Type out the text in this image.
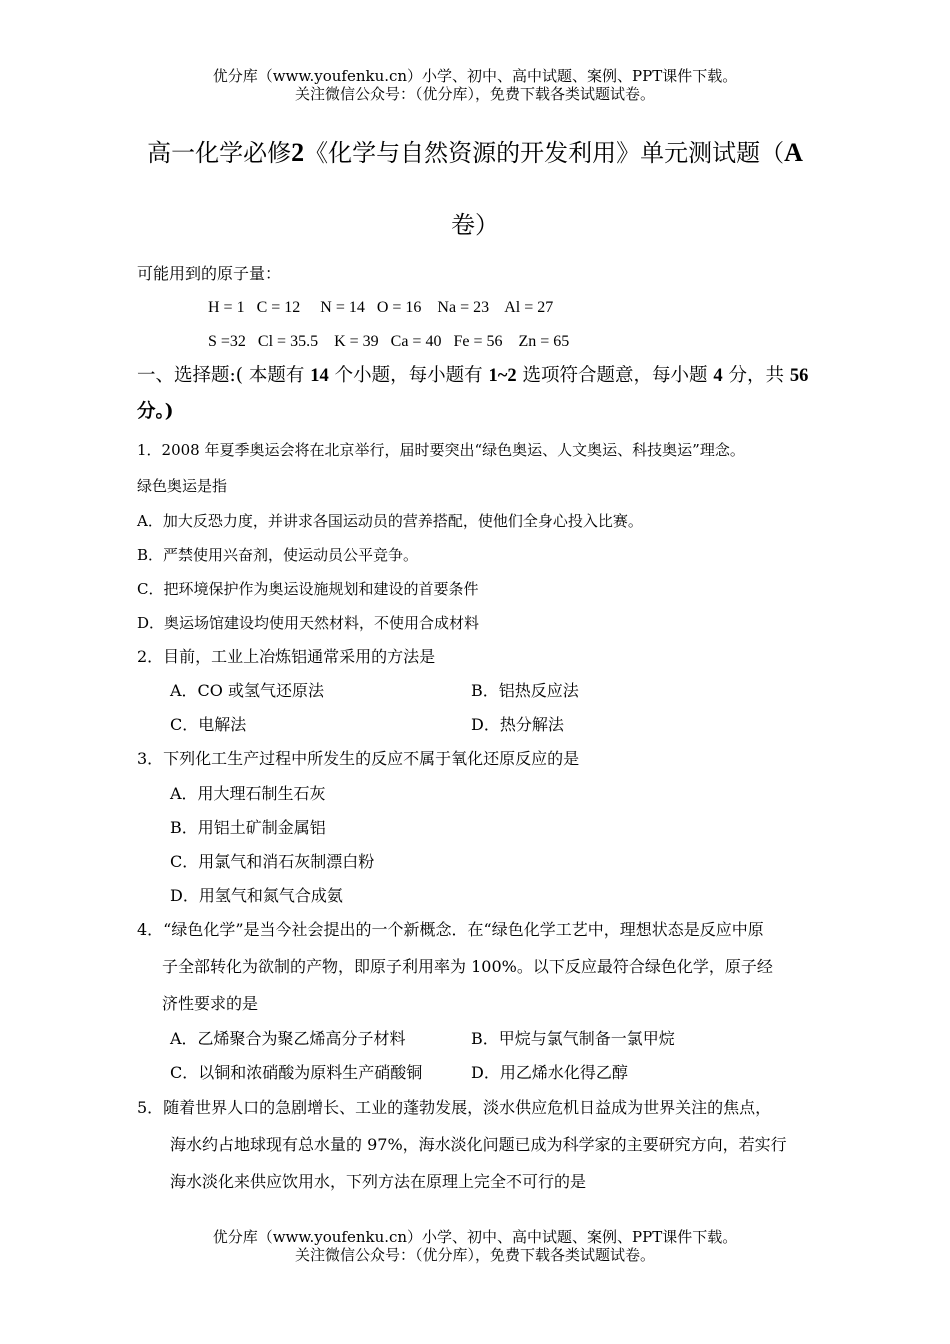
优分库（www.youfenku.cn）小学、初中、高中试题、案例、PPT课件下载。
关注微信公众号：（优分库），免费下载各类试题试卷。
高一化学必修2《化学与自然资源的开发利用》单元测试题（A
卷）
可能用到的原子量：
H = 1   C = 12     N = 14   O = 16    Na = 23    Al = 27
S =32   Cl = 35.5    K = 39   Ca = 40   Fe = 56    Zn = 65
一、选择题:( 本题有 14 个小题，每小题有 1~2 选项符合题意，每小题 4 分，共 56
分。)
1．2008 年夏季奥运会将在北京举行，届时要突出“绿色奥运、人文奥运、科技奥运”理念。
绿色奥运是指
A．加大反恐力度，并讲求各国运动员的营养搭配，使他们全身心投入比赛。
B．严禁使用兴奋剂，使运动员公平竞争。
C．把环境保护作为奥运设施规划和建设的首要条件
D．奥运场馆建设均使用天然材料，不使用合成材料
2．目前，工业上冶炼铝通常采用的方法是
A．CO 或氢气还原法	B．铝热反应法
C．电解法	D．热分解法
3．下列化工生产过程中所发生的反应不属于氧化还原反应的是
A．用大理石制生石灰
B．用铝土矿制金属铝
C．用氯气和消石灰制漂白粉
D．用氢气和氮气合成氨
4．“绿色化学”是当今社会提出的一个新概念．在“绿色化学工艺中，理想状态是反应中原
子全部转化为欲制的产物，即原子利用率为 100%。以下反应最符合绿色化学，原子经
济性要求的是
A．乙烯聚合为聚乙烯高分子材料	B．甲烷与氯气制备一氯甲烷
C．以铜和浓硝酸为原料生产硝酸铜	D．用乙烯水化得乙醇
5．随着世界人口的急剧增长、工业的蓬勃发展，淡水供应危机日益成为世界关注的焦点，
海水约占地球现有总水量的 97%，海水淡化问题已成为科学家的主要研究方向，若实行
海水淡化来供应饮用水，下列方法在原理上完全不可行的是
优分库（www.youfenku.cn）小学、初中、高中试题、案例、PPT课件下载。
关注微信公众号：（优分库），免费下载各类试题试卷。
